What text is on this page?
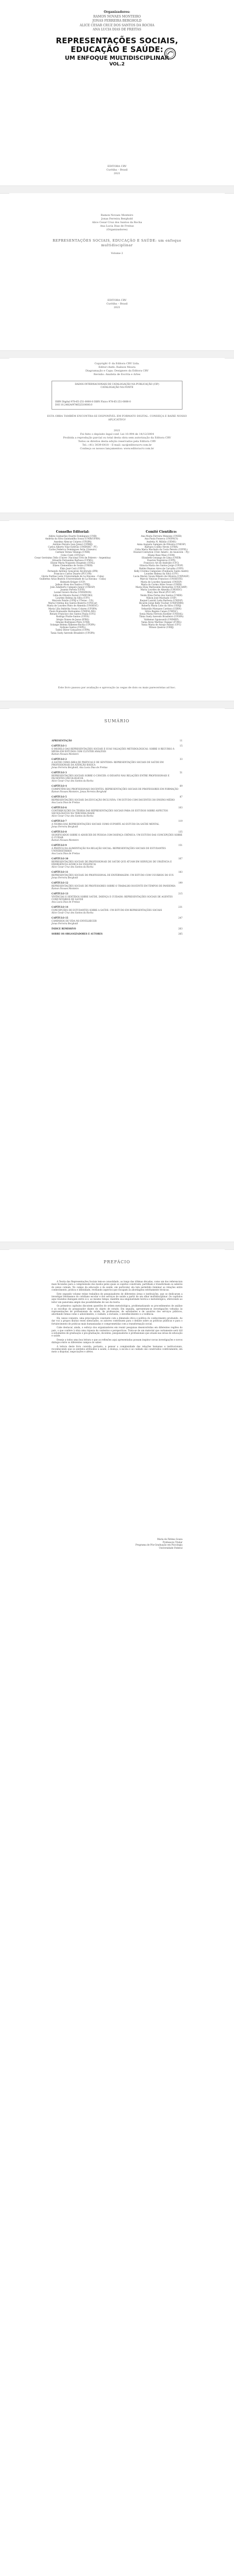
Organizadores:
RAMON NOVAES MONTEIRO
JONAS FERREIRA BERGHOLD
ALICE CESAR CRUZ DOS SANTOS DA ROCHA
ANA LUCIA DIAS DE FREITAS
REPRESENTAÇÕES SOCIAIS,
EDUCAÇÃO E SAÚDE:
UM ENFOQUE MULTIDISCIPLINAR
VOL.2
EDITORA CRV
Curitiba – Brasil
2021
Ramon Novaes Monteiro
Jonas Ferreira Berghold
Alice Cesar Cruz dos Santos da Rocha
Ana Lucia Dias de Freitas
(Organizadores)
REPRESENTAÇÕES SOCIAIS, EDUCAÇÃO E SAÚDE: um enfoque multidisciplinar
Volume 2
EDITORA CRV
Curitiba – Brasil
2021
Copyright © da Editora CRV Ltda.
Editor-chefe: Railson Moura
Diagramação e Capa: Designers da Editora CRV
Revisão: Analista de Escrita e Artes
DADOS INTERNACIONAIS DE CATALOGAÇÃO NA PUBLICAÇÃO (CIP)
CATALOGAÇÃO NA FONTE
ISBN Digital 978-65-251-0000-0 ISBN Físico 978-65-251-0000-0
DOI 10.24824/978652510000.0
ESTA OBRA TAMBÉM ENCONTRA-SE DISPONÍVEL EM FORMATO DIGITAL. CONHEÇA E BAIXE NOSSO APLICATIVO!
2021
Foi feito o depósito legal conf. Lei 10.994 de 14/12/2004
Proibida a reprodução parcial ou total desta obra sem autorização da Editora CRV
Todos os direitos desta edição reservados pela Editora CRV
Tel.: (41) 3039-6418 – E-mail: sac@editoracrv.com.br
Conheça os nossos lançamentos: www.editoracrv.com.br
Conselho Editorial:
Aldira Guimarães Duarte Domínguez (UNB)
Andréia da Silva Quintanilha Sousa (UNIR/UFRN)
Anselmo Alencar Colares (UFOPA)
Antônio Pereira Gaio Júnior (UFRRJ)
Carlos Alberto Vilar Estêvão (UMINHO – PT)
Carlos Federico Dominguez Avila (Unieuro)
Carmen Tereza Velanga (UNIR)
Celso Conti (UFSCar)
Cesar Gerónimo Tello (Univer .Nacional Três de Febrero – Argentina)
Eduardo Fernandes Barbosa (UFMG)
Elione Maria Nogueira Diogenes (UFAL)
Elizeu Clementino de Souza (UNEB)
Élsio José Corá (UFFS)
Fernando Antônio Gonçalves Alcoforado (IPB)
Francisco Carlos Duarte (PUC-PR)
Gloria Fariñas León (Universidade de La Havana – Cuba)
Guillermo Arias Beatón (Universidade de La Havana – Cuba)
Helmuth Krüger (UCP)
Jailson Alves dos Santos (UFRJ)
João Adalberto Campato Junior (UNESP)
Josania Portela (UFPI)
Leonel Severo Rocha (UNISINOS)
Lídia de Oliveira Xavier (UNIEURO)
Lourdes Helena da Silva (UFV)
Marcelo Paixão (UFRJ e UTexas – US)
Maria Cristina dos Santos Bezerra (UFSCar)
Maria de Lourdes Pinto de Almeida (UNOESC)
Maria Lília Imbiriba Sousa Colares (UFOPA)
Paulo Romualdo Hernandes (UNIFAL-MG)
Renato Francisco dos Santos Paula (UFG)
Rodrigo Pratte-Santos (UFES)
Sérgio Nunes de Jesus (IFRO)
Simone Rodrigues Pinto (UNB)
Solange Helena Ximenes-Rocha (UFOPA)
Sydione Santos (UEPG)
Tadeu Oliver Gonçalves (UFPA)
Tania Suely Azevedo Brasileiro (UFOPA)
Comitê Científico:
Ana Maria Ferreira Menezes (UNEB)
Ana Paula Fonseca (UNIFACS)
Andréia N. Militão (UEMS)
Anna Augusta Sampaio de Oliveira (UNESP)
Barbara Coelho Neves (UFBA)
Cátia Maria Machado da Costa Pereira (UFPEL)
Diosnel Centurion (Univ Americ. de Asunción – Py)
Eliane Rose Maio (UEM)
Elizabeth Gonzaga de Lima (UNEB)
Fauston Negreiros (UFPI)
Francisco Ari de Andrade (UFC)
Gláucia Maria dos Santos Jorge (UFOP)
Helder Buenos Aires de Carvalho (UFPI)
Kelly Cristina Campones (Fundação Santo André)
Lourdes Helena da Silva (UFV)
Lucia Marisy Souza Ribeiro de Oliveira (UNIVASF)
Marcos Vinicius Francisco (UNOESTE)
Maria de Lourdes Spazziani (UNESP)
Maria do Carmo Alves Sousa (UNEB)
Maria Eliza Mattosinho Bernardes (UNICAMP)
Maria Lourdes de Almeida (UNOESC)
Mary Ann Wood (PUC-SP)
Neide Elisa Portes dos Santos (UNEB)
Nilson José Machado (USP)
Raquel Lazzari Leite Barbosa (UNESP)
Ricardo Jorge Kelly Tischer (UNIFEMM)
Roberta Maria Lobo da Silva (UERJ)
Sebastião Marques Cardoso (UERN)
Silvia Regina Canan (UNESC)
Sonia Maria Ferreira Koehler (UNISAL)
Tânia Suely Azevedo Brasileiro (UFOPA)
Valdemar Sguissardi (UNIMEP)
Vania Alves Martins Chaigar (FURG)
Vania Maria de Araujo Passos (UFC)
Wilson Queiroz (UERJ)
Este livro passou por avaliação e aprovação às cegas de dois ou mais pareceristas ad hoc.
SUMÁRIO
APRESENTAÇÃO	11
CAPÍTULO 1	15
O MODELO DAS REPRESENTAÇÕES SOCIAIS E SUAS VALIAÇÕES METODOLÓGICAS: SOBRE O RECURSO À MÉDIA EM ESTUDOS COM CLUSTER ANALYSIS
Ramon Novaes Monteiro
CAPÍTULO 2	33
A SAÚDE COMO ÁREA DE PRÁTICAS E DE SENTIDOS: REPRESENTAÇÕES SOCIAIS DE SAÚDE EM PROFISSIONAIS DA ATENÇÃO BÁSICA
Jonas Ferreira Berghold, Ana Lucia Dias de Freitas
CAPÍTULO 3	51
REPRESENTAÇÕES SOCIAIS SOBRE O CÂNCER: O DESAFIO NAS RELAÇÕES ENTRE PROFISSIONAIS E PACIENTES ONCOLÓGICOS
Alice Cesar Cruz dos Santos da Rocha
CAPÍTULO 4	69
COMPETÊNCIAS PROFISSIONAIS DOCENTES: REPRESENTAÇÕES SOCIAIS DE PROFESSORES EM FORMAÇÃO
Ramon Novaes Monteiro, Jonas Ferreira Berghold
CAPÍTULO 5	87
REPRESENTAÇÕES SOCIAIS DA EDUCAÇÃO INCLUSIVA: UM ESTUDO COM DOCENTES DO ENSINO MÉDIO
Ana Lucia Dias de Freitas
CAPÍTULO 6	103
CONTRIBUIÇÕES DA TEORIA DAS REPRESENTAÇÕES SOCIAIS PARA OS ESTUDOS SOBRE ASPECTOS SOCIOLÓGICOS NA TERCEIRA IDADE
Alice Cesar Cruz dos Santos da Rocha
CAPÍTULO 7	119
A TEORIA DAS REPRESENTAÇÕES SOCIAIS COMO SUPORTE AO ESTUDO DA SAÚDE MENTAL
Jonas Ferreira Berghold
CAPÍTULO 8	135
SIGNIFICADOS SOBRE O ADOECER DE PESSOA COM DOENÇA CRÔNICA: UM ESTUDO DAS CONCEPÇÕES SOBRE O CUIDAR
Ramon Novaes Monteiro
CAPÍTULO 9	151
A PRÁTICA DA ALIMENTAÇÃO NA RELAÇÃO SOCIAL: REPRESENTAÇÕES SOCIAIS DE ESTUDANTES UNIVERSITÁRIOS
Ana Lucia Dias de Freitas
CAPÍTULO 10	167
REPRESENTAÇÕES SOCIAIS DE PROFISSIONAIS DE SAÚDE QUE ATUAM EM SERVIÇOS DE URGÊNCIA E EMERGÊNCIA ACERCA DA VIOLÊNCIA
Alice Cesar Cruz dos Santos da Rocha
CAPÍTULO 11	183
REPRESENTAÇÕES SOCIAIS DO PROFISSIONAL DE ENFERMAGEM: UM ESTUDO COM USUÁRIOS DO SUS
Jonas Ferreira Berghold
CAPÍTULO 12	199
REPRESENTAÇÕES SOCIAIS DE PROFESSORES SOBRE O TRABALHO DOCENTE EM TEMPOS DE PANDEMIA
Ramon Novaes Monteiro
CAPÍTULO 13	215
VIVÊNCIAS E SENTIDOS SOBRE SAÚDE, DOENÇA E CUIDADO: REPRESENTAÇÕES SOCIAIS DE AGENTES COMUNITÁRIOS DE SAÚDE
Ana Lucia Dias de Freitas
CAPÍTULO 14	231
CONCEPÇÕES DE ESTUDANTES SOBRE A SAÚDE: UM ESTUDO EM REPRESENTAÇÕES SOCIAIS
Alice Cesar Cruz dos Santos da Rocha
CAPÍTULO 15	247
CAMINHOS DE VIDA NO ENVELHECER
Jonas Ferreira Berghold
ÍNDICE REMISSIVO	263
SOBRE OS ORGANIZADORES E AUTORES	265
PREFÁCIO

A Teoria das Representações Sociais tem-se consolidado, ao longo das últimas décadas, como um dos referenciais mais fecundos para a compreensão dos modos pelos quais os sujeitos constroem, partilham e transformam os saberes do senso comum. No campo da educação e da saúde, em particular, ela tem permitido iluminar as relações entre conhecimento, prática e identidade, revelando aspectos que escapam às abordagens estritamente técnicas.

Este segundo volume reúne trabalhos de pesquisadores de diferentes áreas e instituições, que se dedicaram a investigar fenômenos do cotidiano escolar e dos serviços de saúde a partir de um olhar multidisciplinar. Os capítulos aqui reunidos dialogam entre si e, ao mesmo tempo, mantêm sua singularidade teórica e metodológica, oferecendo ao leitor um panorama amplo das possibilidades de uso da teoria.

Os primeiros capítulos discutem questões de ordem metodológica, problematizando os procedimentos de análise e as escolhas do pesquisador diante do objeto de estudo. Em seguida, apresentam-se investigações voltadas às representações de profissionais da saúde, de professores, de estudantes e de usuários dos serviços públicos, abordando temas como o adoecimento, o cuidado, a inclusão, o envelhecimento e a violência.

Há, nesse conjunto, uma preocupação constante com a dimensão ética e política do conhecimento produzido. Ao dar voz a grupos muitas vezes silenciados, os autores contribuem para o debate sobre as políticas públicas e para o fortalecimento de práticas mais humanizadas e comprometidas com a transformação social.

Cabe destacar, ainda, o esforço dos organizadores em reunir pesquisas desenvolvidas em diferentes regiões do país, o que confere à obra uma riqueza de contextos e perspectivas. Trata-se de um material que certamente será útil a estudantes de graduação e pós-graduação, docentes, pesquisadores e profissionais que atuam nas áreas de educação e saúde.

Desejo a todos uma boa leitura e que as reflexões aqui apresentadas possam inspirar novas investigações e novos diálogos entre os diferentes campos do saber.

A leitura deste livro convida, portanto, a pensar a complexidade das relações humanas e institucionais, reconhecendo que os sentidos atribuídos à saúde, à doença, à escola e ao cuidado são construídos coletivamente, em meio a disputas, negociações e afetos.

Maria de Fátima Souza
Professora Titular
Programa de Pós-Graduação em Psicologia
Universidade Federal
